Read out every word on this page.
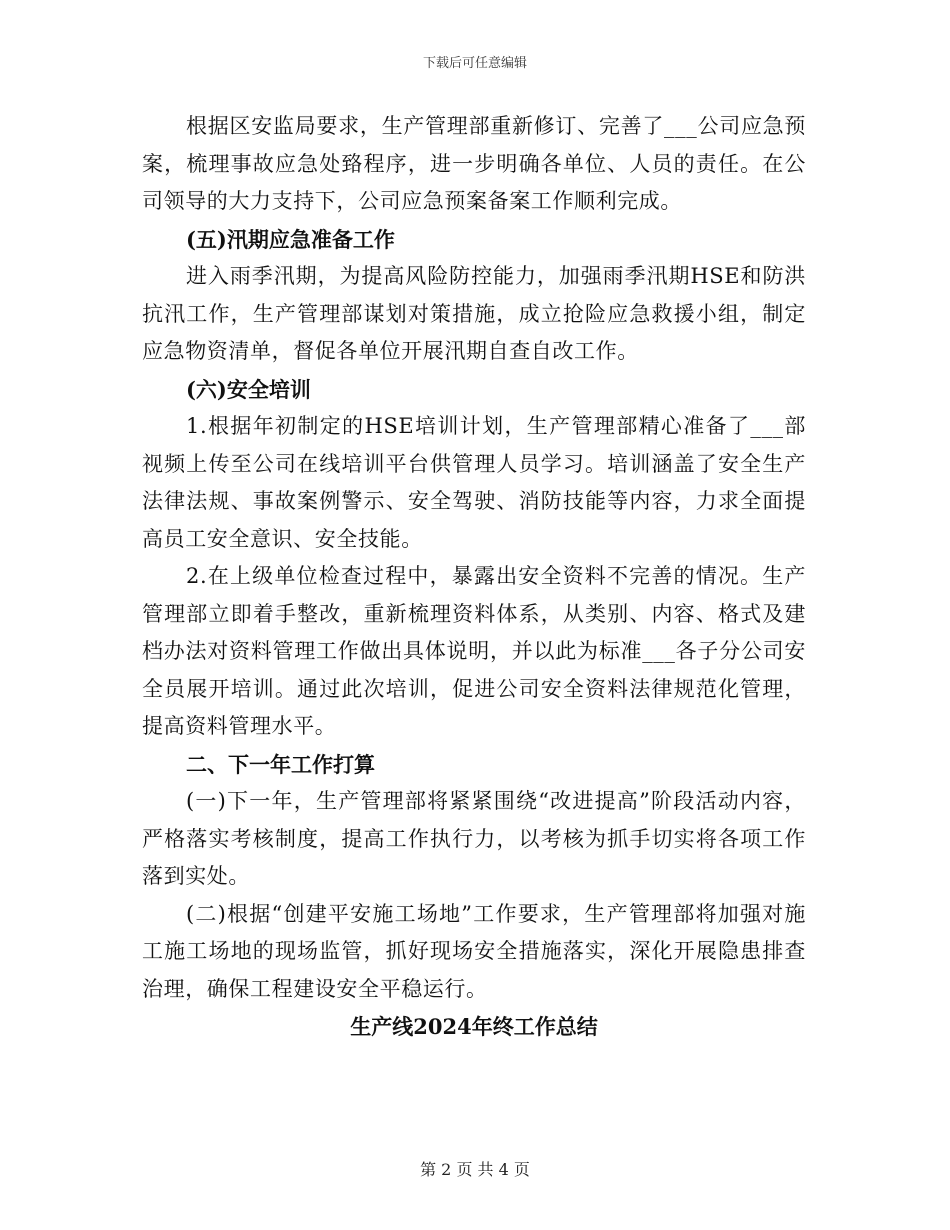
下载后可任意编辑

根据区安监局要求，生产管理部重新修订、完善了___公司应急预案，梳理事故应急处臵程序，进一步明确各单位、人员的责任。在公司领导的大力支持下，公司应急预案备案工作顺利完成。

(五)汛期应急准备工作

进入雨季汛期，为提高风险防控能力，加强雨季汛期HSE和防洪抗汛工作，生产管理部谋划对策措施，成立抢险应急救援小组，制定应急物资清单，督促各单位开展汛期自查自改工作。

(六)安全培训

1.根据年初制定的HSE培训计划，生产管理部精心准备了___部视频上传至公司在线培训平台供管理人员学习。培训涵盖了安全生产法律法规、事故案例警示、安全驾驶、消防技能等内容，力求全面提高员工安全意识、安全技能。

2.在上级单位检查过程中，暴露出安全资料不完善的情况。生产管理部立即着手整改，重新梳理资料体系，从类别、内容、格式及建档办法对资料管理工作做出具体说明，并以此为标准___各子分公司安全员展开培训。通过此次培训，促进公司安全资料法律规范化管理，提高资料管理水平。

二、下一年工作打算

(一)下一年，生产管理部将紧紧围绕“改进提高”阶段活动内容，严格落实考核制度，提高工作执行力，以考核为抓手切实将各项工作落到实处。

(二)根据“创建平安施工场地”工作要求，生产管理部将加强对施工施工场地的现场监管，抓好现场安全措施落实，深化开展隐患排查治理，确保工程建设安全平稳运行。

生产线2024年终工作总结

第 2 页 共 4 页
